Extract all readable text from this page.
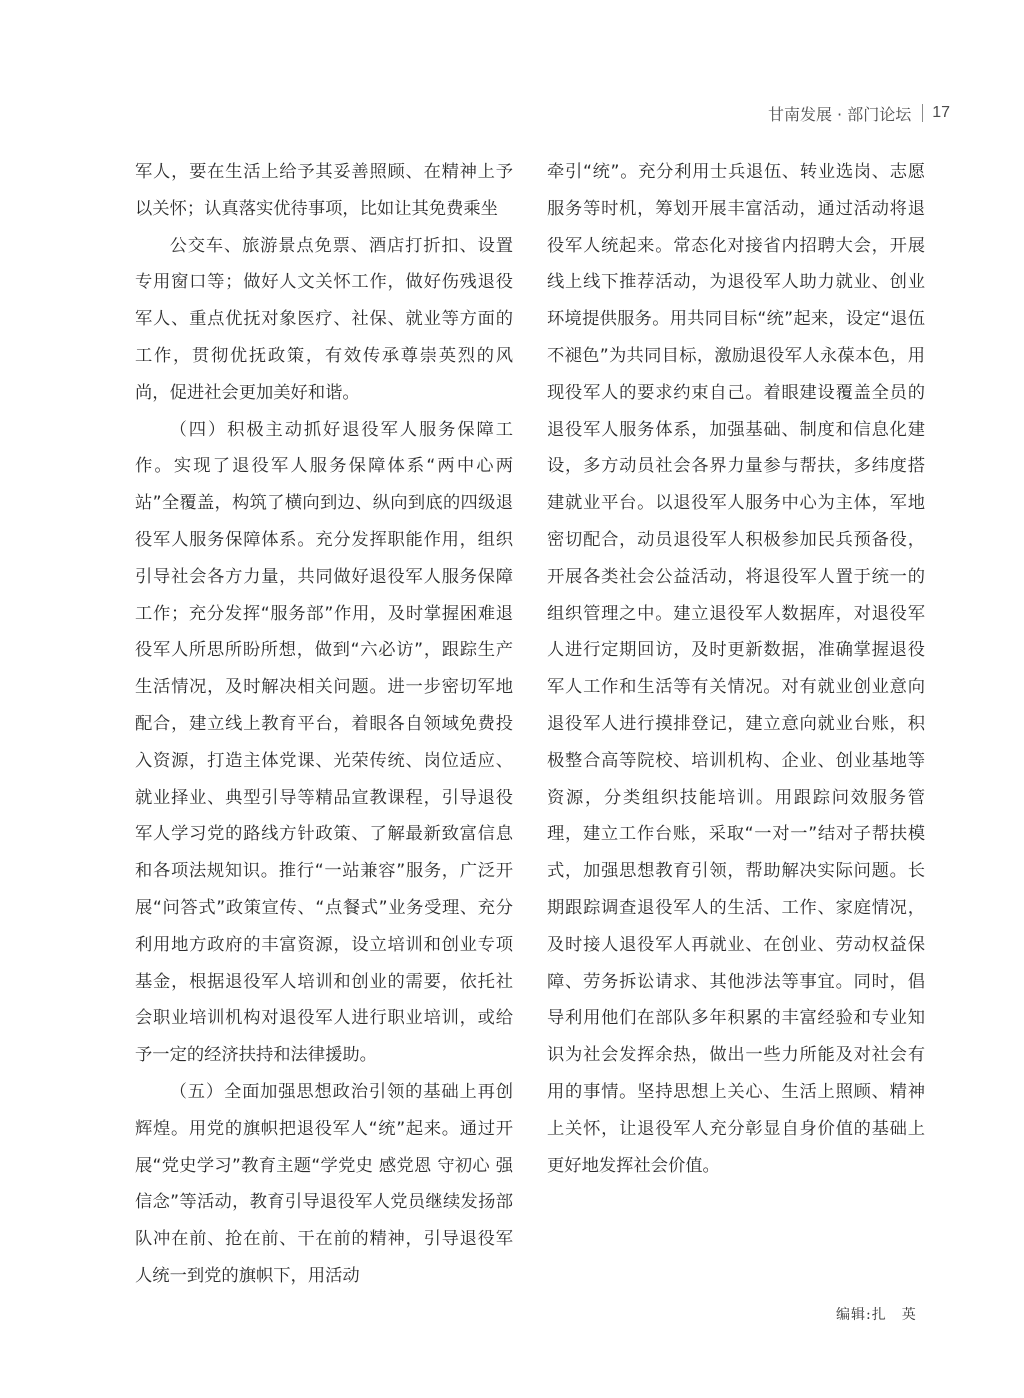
甘南发展 · 部门论坛 17

军人，要在生活上给予其妥善照顾、在精神上予以关怀；认真落实优待事项，比如让其免费乘坐

公交车、旅游景点免票、酒店打折扣、设置专用窗口等；做好人文关怀工作，做好伤残退役军人、重点优抚对象医疗、社保、就业等方面的工作，贯彻优抚政策，有效传承尊崇英烈的风尚，促进社会更加美好和谐。

（四）积极主动抓好退役军人服务保障工作。实现了退役军人服务保障体系“两中心两站”全覆盖，构筑了横向到边、纵向到底的四级退役军人服务保障体系。充分发挥职能作用，组织引导社会各方力量，共同做好退役军人服务保障工作；充分发挥“服务部”作用，及时掌握困难退役军人所思所盼所想，做到“六必访”，跟踪生产生活情况，及时解决相关问题。进一步密切军地配合，建立线上教育平台，着眼各自领域免费投入资源，打造主体党课、光荣传统、岗位适应、就业择业、典型引导等精品宣教课程，引导退役军人学习党的路线方针政策、了解最新致富信息和各项法规知识。推行“一站兼容”服务，广泛开展“问答式”政策宣传、“点餐式”业务受理、充分利用地方政府的丰富资源，设立培训和创业专项基金，根据退役军人培训和创业的需要，依托社会职业培训机构对退役军人进行职业培训，或给予一定的经济扶持和法律援助。

（五）全面加强思想政治引领的基础上再创辉煌。用党的旗帜把退役军人“统”起来。通过开展“党史学习”教育主题“学党史 感党恩 守初心 强信念”等活动，教育引导退役军人党员继续发扬部队冲在前、抢在前、干在前的精神，引导退役军人统一到党的旗帜下，用活动

牵引“统”。充分利用士兵退伍、转业选岗、志愿服务等时机，筹划开展丰富活动，通过活动将退役军人统起来。常态化对接省内招聘大会，开展线上线下推荐活动，为退役军人助力就业、创业环境提供服务。用共同目标“统”起来，设定“退伍不褪色”为共同目标，激励退役军人永葆本色，用现役军人的要求约束自己。着眼建设覆盖全员的退役军人服务体系，加强基础、制度和信息化建设，多方动员社会各界力量参与帮扶，多纬度搭建就业平台。以退役军人服务中心为主体，军地密切配合，动员退役军人积极参加民兵预备役，开展各类社会公益活动，将退役军人置于统一的组织管理之中。建立退役军人数据库，对退役军人进行定期回访，及时更新数据，准确掌握退役军人工作和生活等有关情况。对有就业创业意向退役军人进行摸排登记，建立意向就业台账，积极整合高等院校、培训机构、企业、创业基地等资源，分类组织技能培训。用跟踪问效服务管理，建立工作台账，采取“一对一”结对子帮扶模式，加强思想教育引领，帮助解决实际问题。长期跟踪调查退役军人的生活、工作、家庭情况，及时接人退役军人再就业、在创业、劳动权益保障、劳务拆讼请求、其他涉法等事宜。同时，倡导利用他们在部队多年积累的丰富经验和专业知识为社会发挥余热，做出一些力所能及对社会有用的事情。坚持思想上关心、生活上照顾、精神上关怀，让退役军人充分彰显自身价值的基础上更好地发挥社会价值。

编辑:扎　英
